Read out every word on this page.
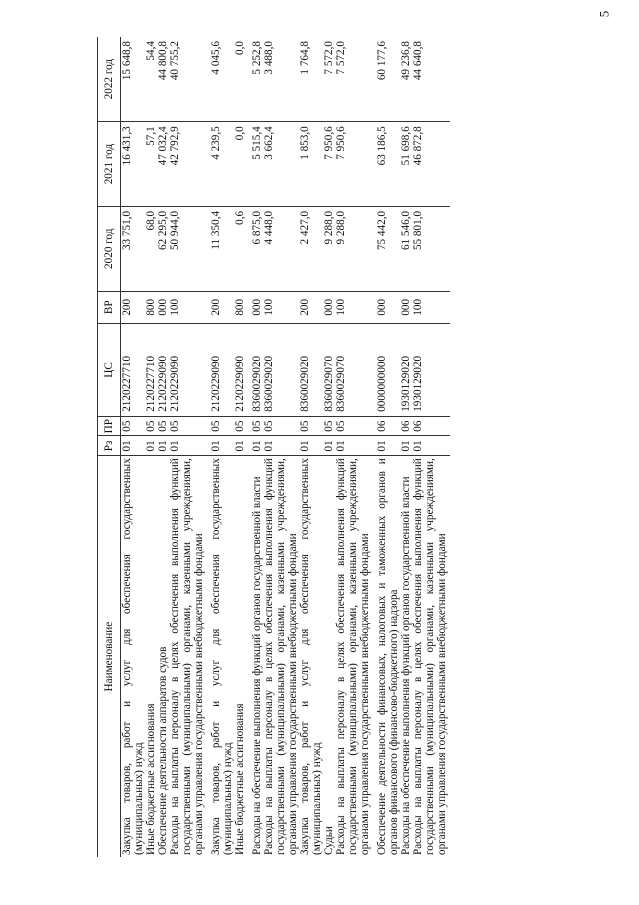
5
Наименование	Рз	ПР	ЦС	ВР	2020 год	2021 год	2022 год
Закупка товаров, работ и услуг для обеспечения государственных (муниципальных) нужд	01	05	2120227710	200	33 751,0	16 431,3	15 648,8
Иные бюджетные ассигнования	01	05	2120227710	800	68,0	57,1	54,4
Обеспечение деятельности аппаратов судов	01	05	2120229090	000	62 295,0	47 032,4	44 800,8
Расходы на выплаты персоналу в целях обеспечения выполнения функций государственными (муниципальными) органами, казенными учреждениями, органами управления государственными внебюджетными фондами	01	05	2120229090	100	50 944,0	42 792,9	40 755,2
Закупка товаров, работ и услуг для обеспечения государственных (муниципальных) нужд	01	05	2120229090	200	11 350,4	4 239,5	4 045,6
Иные бюджетные ассигнования	01	05	2120229090	800	0,6	0,0	0,0
Расходы на обеспечение выполнения функций органов государственной власти	01	05	8360029020	000	6 875,0	5 515,4	5 252,8
Расходы на выплаты персоналу в целях обеспечения выполнения функций государственными (муниципальными) органами, казенными учреждениями, органами управления государственными внебюджетными фондами	01	05	8360029020	100	4 448,0	3 662,4	3 488,0
Закупка товаров, работ и услуг для обеспечения государственных (муниципальных) нужд	01	05	8360029020	200	2 427,0	1 853,0	1 764,8
Судьи	01	05	8360029070	000	9 288,0	7 950,6	7 572,0
Расходы на выплаты персоналу в целях обеспечения выполнения функций государственными (муниципальными) органами, казенными учреждениями, органами управления государственными внебюджетными фондами	01	05	8360029070	100	9 288,0	7 950,6	7 572,0
Обеспечение деятельности финансовых, налоговых и таможенных органов и органов финансового (финансово-бюджетного) надзора	01	06	0000000000	000	75 442,0	63 186,5	60 177,6
Расходы на обеспечение выполнения функций органов государственной власти	01	06	1930129020	000	61 546,0	51 698,6	49 236,8
Расходы на выплаты персоналу в целях обеспечения выполнения функций государственными (муниципальными) органами, казенными учреждениями, органами управления государственными внебюджетными фондами	01	06	1930129020	100	55 801,0	46 872,8	44 640,8
